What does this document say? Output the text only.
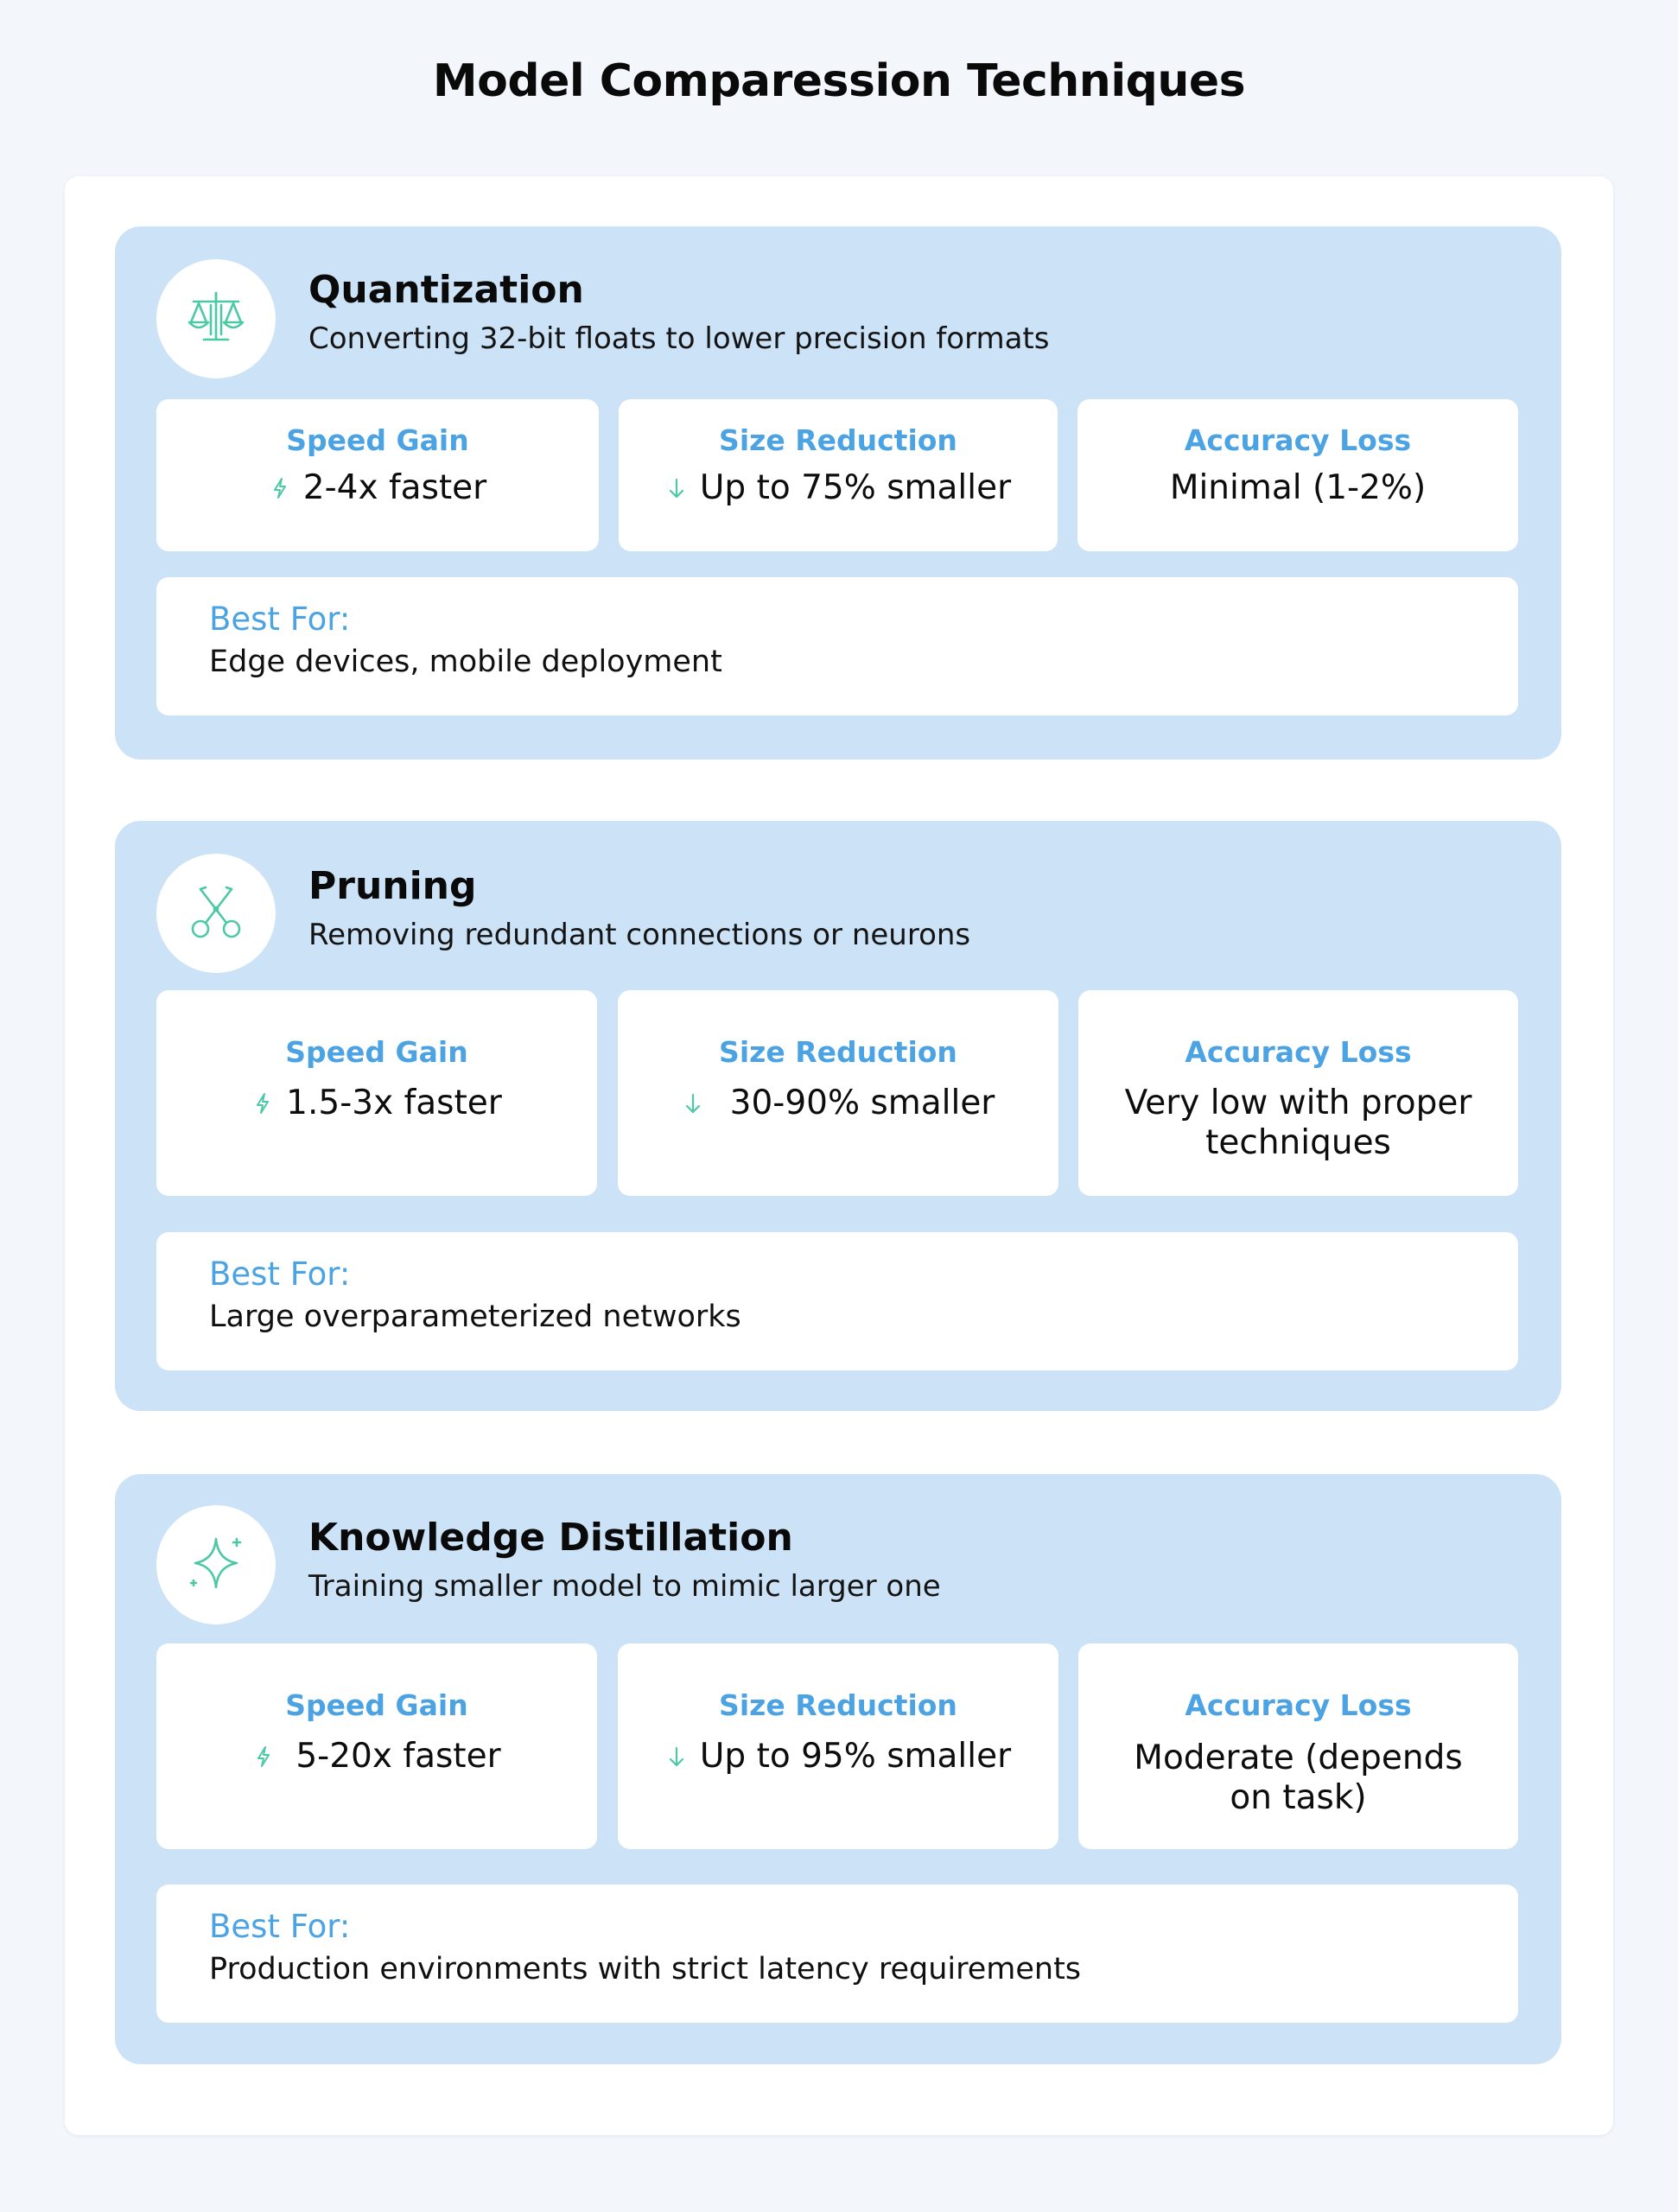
Model Comparession Techniques
Quantization
Converting 32-bit floats to lower precision formats
Speed Gain
2-4x faster
Size Reduction
Up to 75% smaller
Accuracy Loss
Minimal (1-2%)
Best For:
Edge devices, mobile deployment
Pruning
Removing redundant connections or neurons
Speed Gain
1.5-3x faster
Size Reduction
30-90% smaller
Accuracy Loss
Very low with proper
techniques
Best For:
Large overparameterized networks
Knowledge Distillation
Training smaller model to mimic larger one
Speed Gain
5-20x faster
Size Reduction
Up to 95% smaller
Accuracy Loss
Moderate (depends
on task)
Best For:
Production environments with strict latency requirements
